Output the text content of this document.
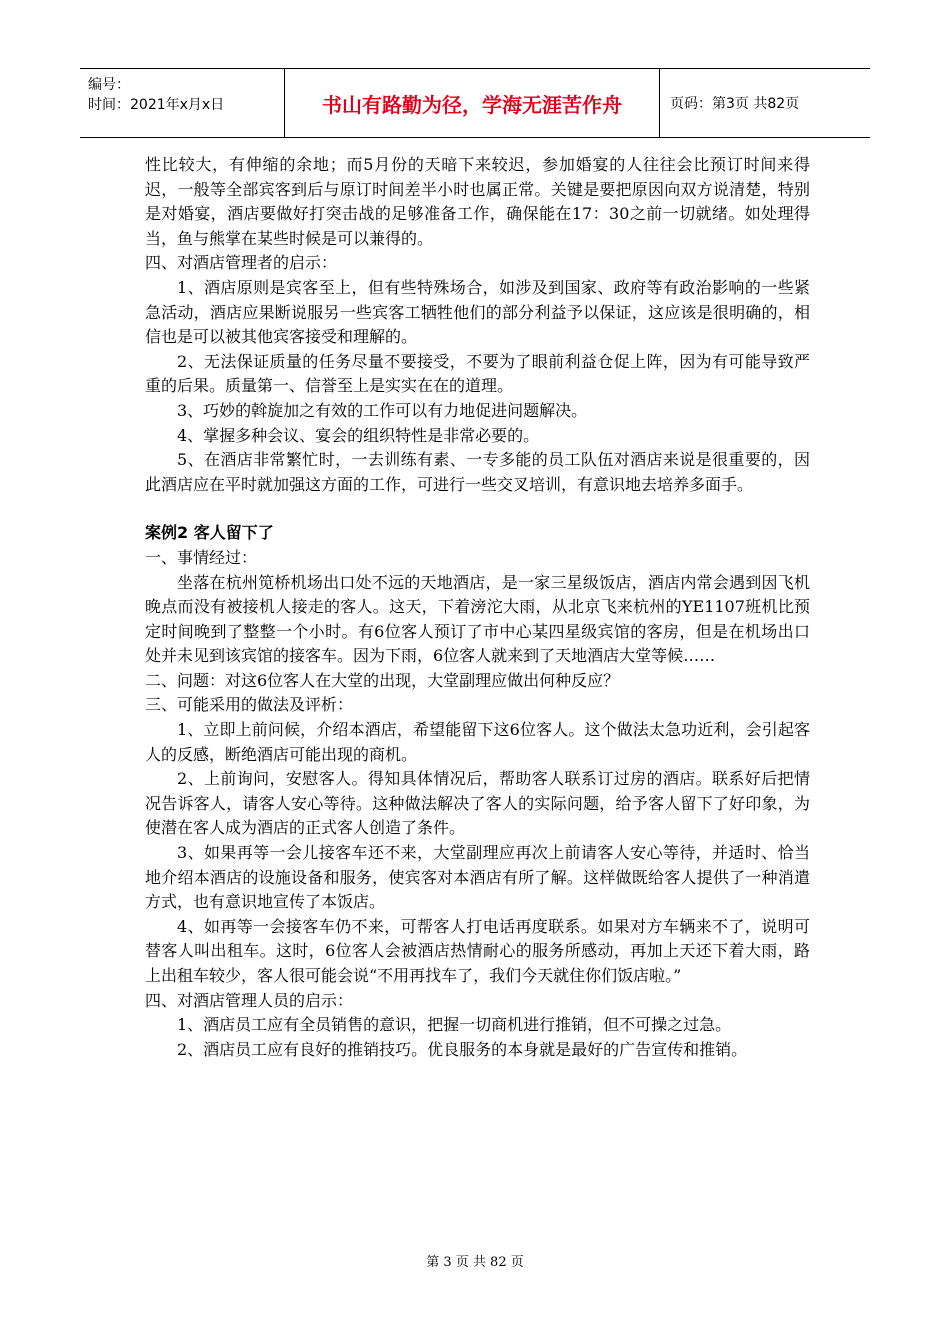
编号：
时间：2021年x月x日	书山有路勤为径，学海无涯苦作舟	页码：第3页 共82页

性比较大，有伸缩的余地；而5月份的天暗下来较迟，参加婚宴的人往往会比预订时间来得迟，一般等全部宾客到后与原订时间差半小时也属正常。关键是要把原因向双方说清楚，特别是对婚宴，酒店要做好打突击战的足够准备工作，确保能在17：30之前一切就绪。如处理得当，鱼与熊掌在某些时候是可以兼得的。

四、对酒店管理者的启示：

1、酒店原则是宾客至上，但有些特殊场合，如涉及到国家、政府等有政治影响的一些紧急活动，酒店应果断说服另一些宾客工牺牲他们的部分利益予以保证，这应该是很明确的，相信也是可以被其他宾客接受和理解的。

2、无法保证质量的任务尽量不要接受，不要为了眼前利益仓促上阵，因为有可能导致严重的后果。质量第一、信誉至上是实实在在的道理。

3、巧妙的斡旋加之有效的工作可以有力地促进问题解决。

4、掌握多种会议、宴会的组织特性是非常必要的。

5、在酒店非常繁忙时，一去训练有素、一专多能的员工队伍对酒店来说是很重要的，因此酒店应在平时就加强这方面的工作，可进行一些交叉培训，有意识地去培养多面手。

案例2 客人留下了

一、事情经过：

坐落在杭州笕桥机场出口处不远的天地酒店，是一家三星级饭店，酒店内常会遇到因飞机晚点而没有被接机人接走的客人。这天，下着滂沱大雨，从北京飞来杭州的YE1107班机比预定时间晚到了整整一个小时。有6位客人预订了市中心某四星级宾馆的客房，但是在机场出口处并未见到该宾馆的接客车。因为下雨，6位客人就来到了天地酒店大堂等候……

二、问题：对这6位客人在大堂的出现，大堂副理应做出何种反应？

三、可能采用的做法及评析：

1、立即上前问候，介绍本酒店，希望能留下这6位客人。这个做法太急功近利，会引起客人的反感，断绝酒店可能出现的商机。

2、上前询问，安慰客人。得知具体情况后，帮助客人联系订过房的酒店。联系好后把情况告诉客人，请客人安心等待。这种做法解决了客人的实际问题，给予客人留下了好印象，为使潜在客人成为酒店的正式客人创造了条件。

3、如果再等一会儿接客车还不来，大堂副理应再次上前请客人安心等待，并适时、恰当地介绍本酒店的设施设备和服务，使宾客对本酒店有所了解。这样做既给客人提供了一种消遣方式，也有意识地宣传了本饭店。

4、如再等一会接客车仍不来，可帮客人打电话再度联系。如果对方车辆来不了，说明可替客人叫出租车。这时，6位客人会被酒店热情耐心的服务所感动，再加上天还下着大雨，路上出租车较少，客人很可能会说“不用再找车了，我们今天就住你们饭店啦。”

四、对酒店管理人员的启示：

1、酒店员工应有全员销售的意识，把握一切商机进行推销，但不可操之过急。

2、酒店员工应有良好的推销技巧。优良服务的本身就是最好的广告宣传和推销。

第 3 页 共 82 页
